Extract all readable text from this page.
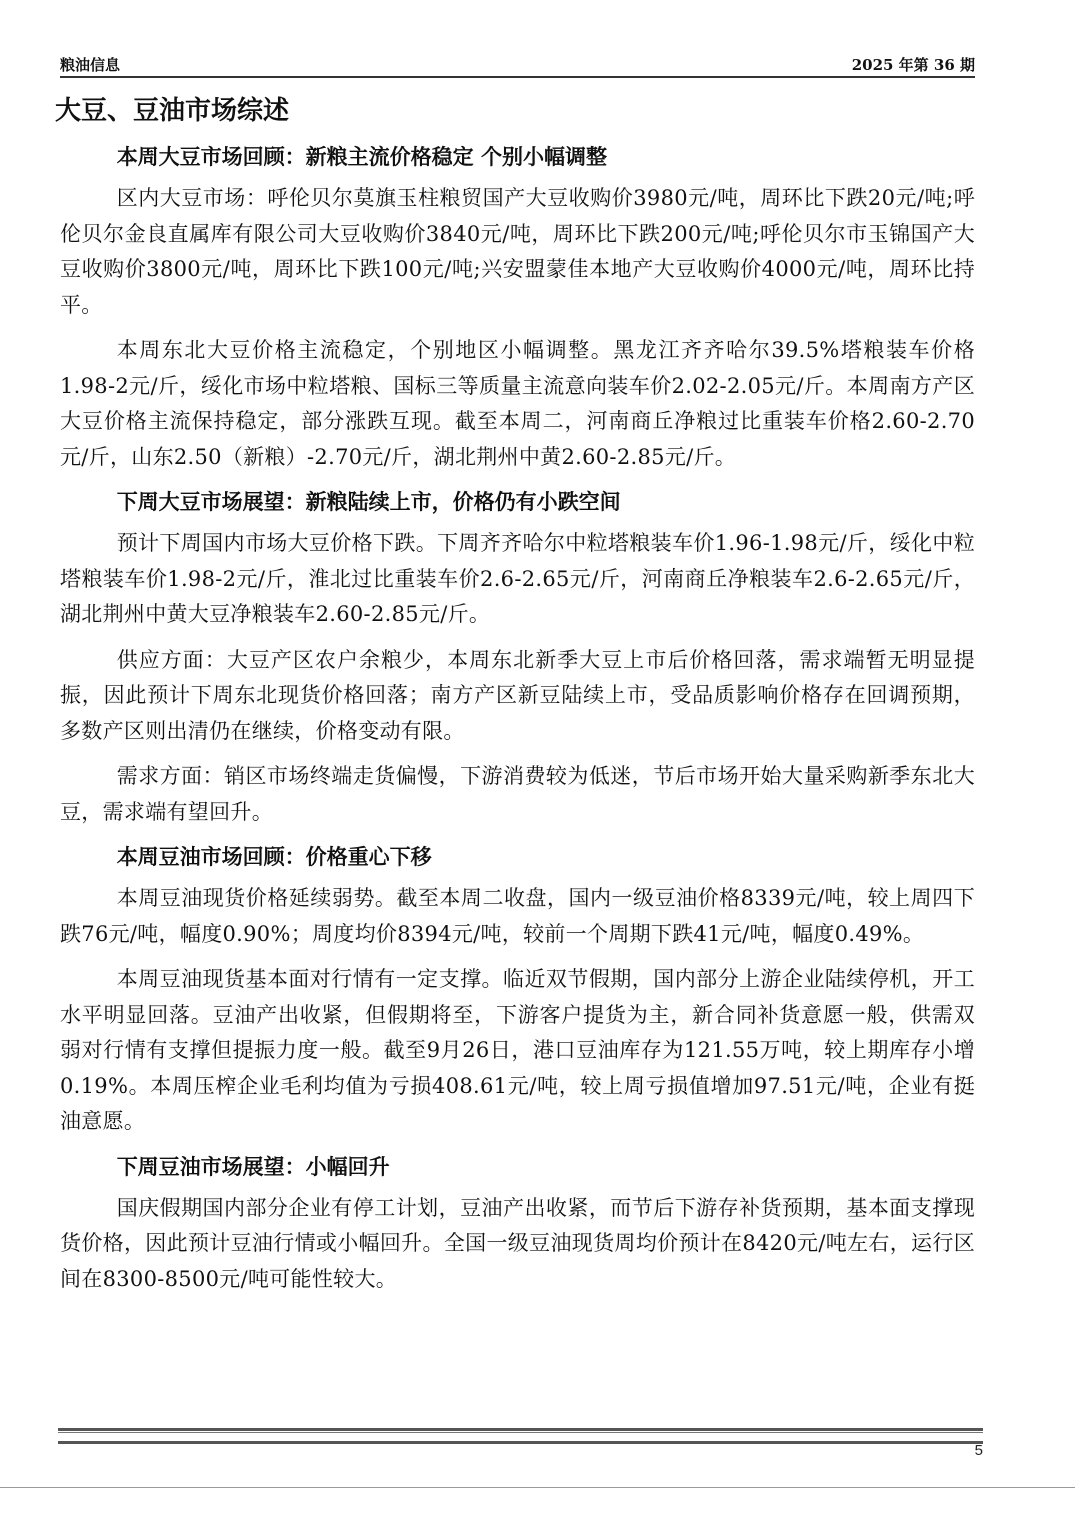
粮油信息	2025 年第 36 期
大豆、豆油市场综述
本周大豆市场回顾：新粮主流价格稳定 个别小幅调整

区内大豆市场：呼伦贝尔莫旗玉柱粮贸国产大豆收购价3980元/吨，周环比下跌20元/吨;呼伦贝尔金良直属库有限公司大豆收购价3840元/吨，周环比下跌200元/吨;呼伦贝尔市玉锦国产大豆收购价3800元/吨，周环比下跌100元/吨;兴安盟蒙佳本地产大豆收购价4000元/吨，周环比持平。

本周东北大豆价格主流稳定，个别地区小幅调整。黑龙江齐齐哈尔39.5%塔粮装车价格1.98-2元/斤，绥化市场中粒塔粮、国标三等质量主流意向装车价2.02-2.05元/斤。本周南方产区大豆价格主流保持稳定，部分涨跌互现。截至本周二，河南商丘净粮过比重装车价格2.60-2.70元/斤，山东2.50（新粮）-2.70元/斤，湖北荆州中黄2.60-2.85元/斤。

下周大豆市场展望：新粮陆续上市，价格仍有小跌空间

预计下周国内市场大豆价格下跌。下周齐齐哈尔中粒塔粮装车价1.96-1.98元/斤，绥化中粒塔粮装车价1.98-2元/斤，淮北过比重装车价2.6-2.65元/斤，河南商丘净粮装车2.6-2.65元/斤，湖北荆州中黄大豆净粮装车2.60-2.85元/斤。

供应方面：大豆产区农户余粮少，本周东北新季大豆上市后价格回落，需求端暂无明显提振，因此预计下周东北现货价格回落；南方产区新豆陆续上市，受品质影响价格存在回调预期，多数产区则出清仍在继续，价格变动有限。

需求方面：销区市场终端走货偏慢，下游消费较为低迷，节后市场开始大量采购新季东北大豆，需求端有望回升。

本周豆油市场回顾：价格重心下移

本周豆油现货价格延续弱势。截至本周二收盘，国内一级豆油价格8339元/吨，较上周四下跌76元/吨，幅度0.90%；周度均价8394元/吨，较前一个周期下跌41元/吨，幅度0.49%。

本周豆油现货基本面对行情有一定支撑。临近双节假期，国内部分上游企业陆续停机，开工水平明显回落。豆油产出收紧，但假期将至，下游客户提货为主，新合同补货意愿一般，供需双弱对行情有支撑但提振力度一般。截至9月26日，港口豆油库存为121.55万吨，较上期库存小增0.19%。本周压榨企业毛利均值为亏损408.61元/吨，较上周亏损值增加97.51元/吨，企业有挺油意愿。

下周豆油市场展望：小幅回升

国庆假期国内部分企业有停工计划，豆油产出收紧，而节后下游存补货预期，基本面支撑现货价格，因此预计豆油行情或小幅回升。全国一级豆油现货周均价预计在8420元/吨左右，运行区间在8300-8500元/吨可能性较大。

5
